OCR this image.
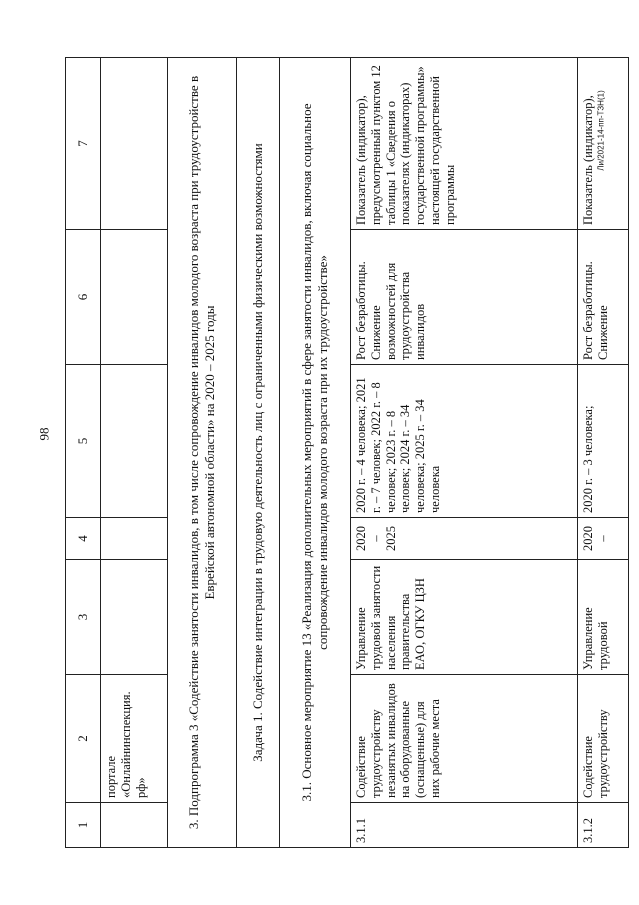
Ли/2021-14-пп-ТЗН(1)
98
1	2	3	4	5	6	7
	портале «Онлайнинспекция. рф»					
3. Подпрограмма 3 «Содействие занятости инвалидов, в том числе сопровождение инвалидов молодого возраста при трудоустройстве в Еврейской автономной области» на 2020 – 2025 годы						
Задача 1. Содействие интеграции в трудовую деятельность лиц с ограниченными физическими возможностями						
3.1. Основное мероприятие 13 «Реализация дополнительных мероприятий в сфере занятости инвалидов, включая социальное сопровождение инвалидов молодого возраста при их трудоустройстве»						
3.1.1	Содействие трудоустройству незанятых инвалидов на оборудованные (оснащенные) для них рабочие места	Управление трудовой занятости населения правительства ЕАО, ОГКУ ЦЗН	2020 – 2025	2020 г. – 4 человека; 2021 г. – 7 человек; 2022 г. – 8 человек; 2023 г. – 8 человек; 2024 г. – 34 человека; 2025 г. – 34 человека	Рост безработицы. Снижение возможностей для трудоустройства инвалидов	Показатель (индикатор), предусмотренный пунктом 12 таблицы 1 «Сведения о показателях (индикаторах) государственной программы» настоящей государственной программы
3.1.2	Содействие трудоустройству	Управление трудовой	2020 –	2020 г. – 3 человека;	Рост безработицы. Снижение	Показатель (индикатор),
